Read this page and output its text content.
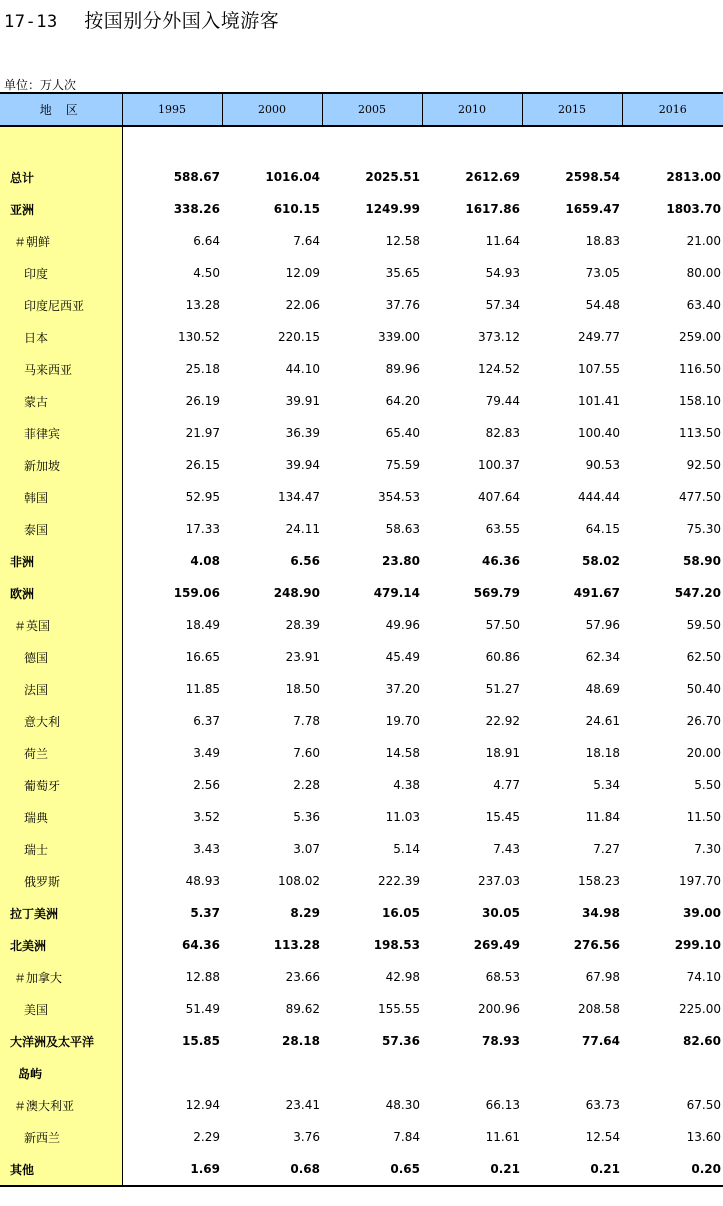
17-13 按国别分外国入境游客
单位：万人次
地区	1995	2000	2005	2010	2015	2016

总计	588.67	1016.04	2025.51	2612.69	2598.54	2813.00
亚洲	338.26	610.15	1249.99	1617.86	1659.47	1803.70
＃朝鲜	6.64	7.64	12.58	11.64	18.83	21.00
印度	4.50	12.09	35.65	54.93	73.05	80.00
印度尼西亚	13.28	22.06	37.76	57.34	54.48	63.40
日本	130.52	220.15	339.00	373.12	249.77	259.00
马来西亚	25.18	44.10	89.96	124.52	107.55	116.50
蒙古	26.19	39.91	64.20	79.44	101.41	158.10
菲律宾	21.97	36.39	65.40	82.83	100.40	113.50
新加坡	26.15	39.94	75.59	100.37	90.53	92.50
韩国	52.95	134.47	354.53	407.64	444.44	477.50
泰国	17.33	24.11	58.63	63.55	64.15	75.30
非洲	4.08	6.56	23.80	46.36	58.02	58.90
欧洲	159.06	248.90	479.14	569.79	491.67	547.20
＃英国	18.49	28.39	49.96	57.50	57.96	59.50
德国	16.65	23.91	45.49	60.86	62.34	62.50
法国	11.85	18.50	37.20	51.27	48.69	50.40
意大利	6.37	7.78	19.70	22.92	24.61	26.70
荷兰	3.49	7.60	14.58	18.91	18.18	20.00
葡萄牙	2.56	2.28	4.38	4.77	5.34	5.50
瑞典	3.52	5.36	11.03	15.45	11.84	11.50
瑞士	3.43	3.07	5.14	7.43	7.27	7.30
俄罗斯	48.93	108.02	222.39	237.03	158.23	197.70
拉丁美洲	5.37	8.29	16.05	30.05	34.98	39.00
北美洲	64.36	113.28	198.53	269.49	276.56	299.10
＃加拿大	12.88	23.66	42.98	68.53	67.98	74.10
美国	51.49	89.62	155.55	200.96	208.58	225.00
大洋洲及太平洋	15.85	28.18	57.36	78.93	77.64	82.60
岛屿						
＃澳大利亚	12.94	23.41	48.30	66.13	63.73	67.50
新西兰	2.29	3.76	7.84	11.61	12.54	13.60
其他	1.69	0.68	0.65	0.21	0.21	0.20
